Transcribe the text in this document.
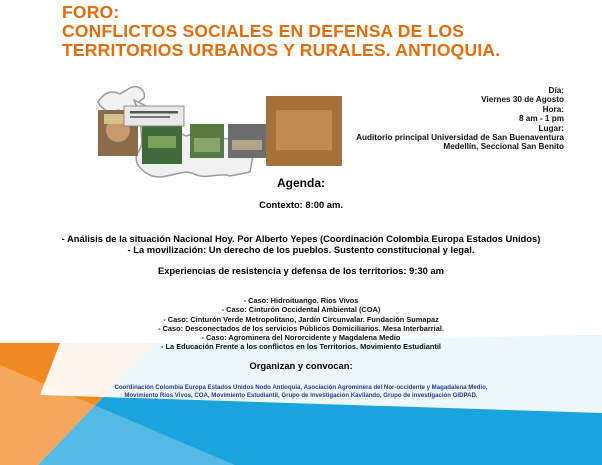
FORO:
CONFLICTOS SOCIALES EN DEFENSA DE LOS
TERRITORIOS URBANOS Y RURALES. ANTIOQUIA.
Día:
Viernes 30 de Agosto
Hora:
8 am - 1 pm
Lugar:
Auditorio principal Universidad de San Buenaventura
Medellín, Seccional San Benito
Agenda:
Contexto: 8:00 am.
- Análisis de la situación Nacional Hoy. Por Alberto Yepes (Coordinación Colombia Europa Estados Unidos)
- La movilización: Un derecho de los pueblos. Sustento constitucional y legal.
Experiencias de resistencia y defensa de los territorios: 9:30 am
- Caso: Hidroituango. Ríos Vivos
- Caso: Cinturón Occidental Ambiental (COA)
- Caso: Cinturón Verde Metropolitano, Jardín Circunvalar. Fundación Sumapaz
- Caso: Desconectados de los servicios Públicos Domiciliarios. Mesa Interbarrial.
- Caso: Agrominera del Nororcidente y Magdalena Medio
- La Educación Frente a los conflictos en los Territorios. Movimiento Estudiantil
Organizan y convocan:
Coordinación Colombia Europa Estados Unidos Nodo Antioquia, Asociación Agrominera del Nor-occidente y Magadalena Medio,
Movimiento Ríos Vivos, COA, Movimiento Estudiantil, Grupo de Investigación Kavilando, Grupo de investigación GIDPAD.
